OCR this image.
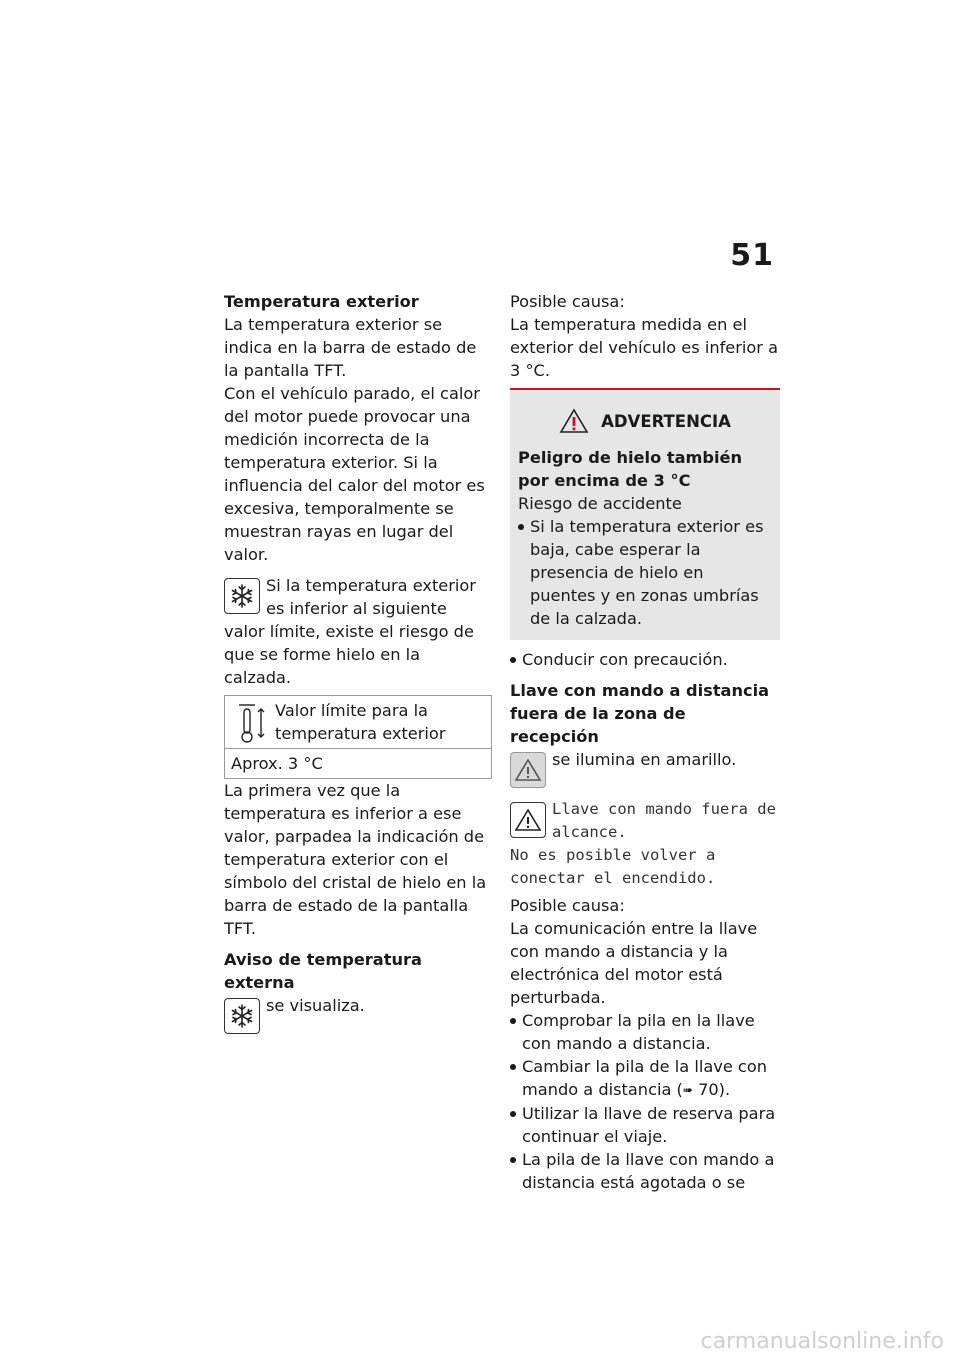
51

Temperatura exterior

La temperatura exterior se indica en la barra de estado de la pantalla TFT.

Con el vehículo parado, el calor del motor puede provocar una medición incorrecta de la temperatura exterior. Si la influencia del calor del motor es excesiva, temporalmente se muestran rayas en lugar del valor.

Si la temperatura exterior es inferior al siguiente valor límite, existe el riesgo de que se forme hielo en la calzada.

Valor límite para la temperatura exterior
Aprox. 3 °C

La primera vez que la temperatura es inferior a ese valor, parpadea la indicación de temperatura exterior con el símbolo del cristal de hielo en la barra de estado de la pantalla TFT.

Aviso de temperatura externa

se visualiza.

Posible causa:

La temperatura medida en el exterior del vehículo es inferior a 3 °C.

ADVERTENCIA

Peligro de hielo también por encima de 3 °C

Riesgo de accidente

Si la temperatura exterior es baja, cabe esperar la presencia de hielo en puentes y en zonas umbrías de la calzada.

Conducir con precaución.

Llave con mando a distancia fuera de la zona de recepción

se ilumina en amarillo.

Llave con mando fuera de alcance.

No es posible volver a conectar el encendido.

Posible causa:

La comunicación entre la llave con mando a distancia y la electrónica del motor está perturbada.

Comprobar la pila en la llave con mando a distancia.

Cambiar la pila de la llave con mando a distancia (➠ 70).

Utilizar la llave de reserva para continuar el viaje.

La pila de la llave con mando a distancia está agotada o se

carmanualsonline.info
